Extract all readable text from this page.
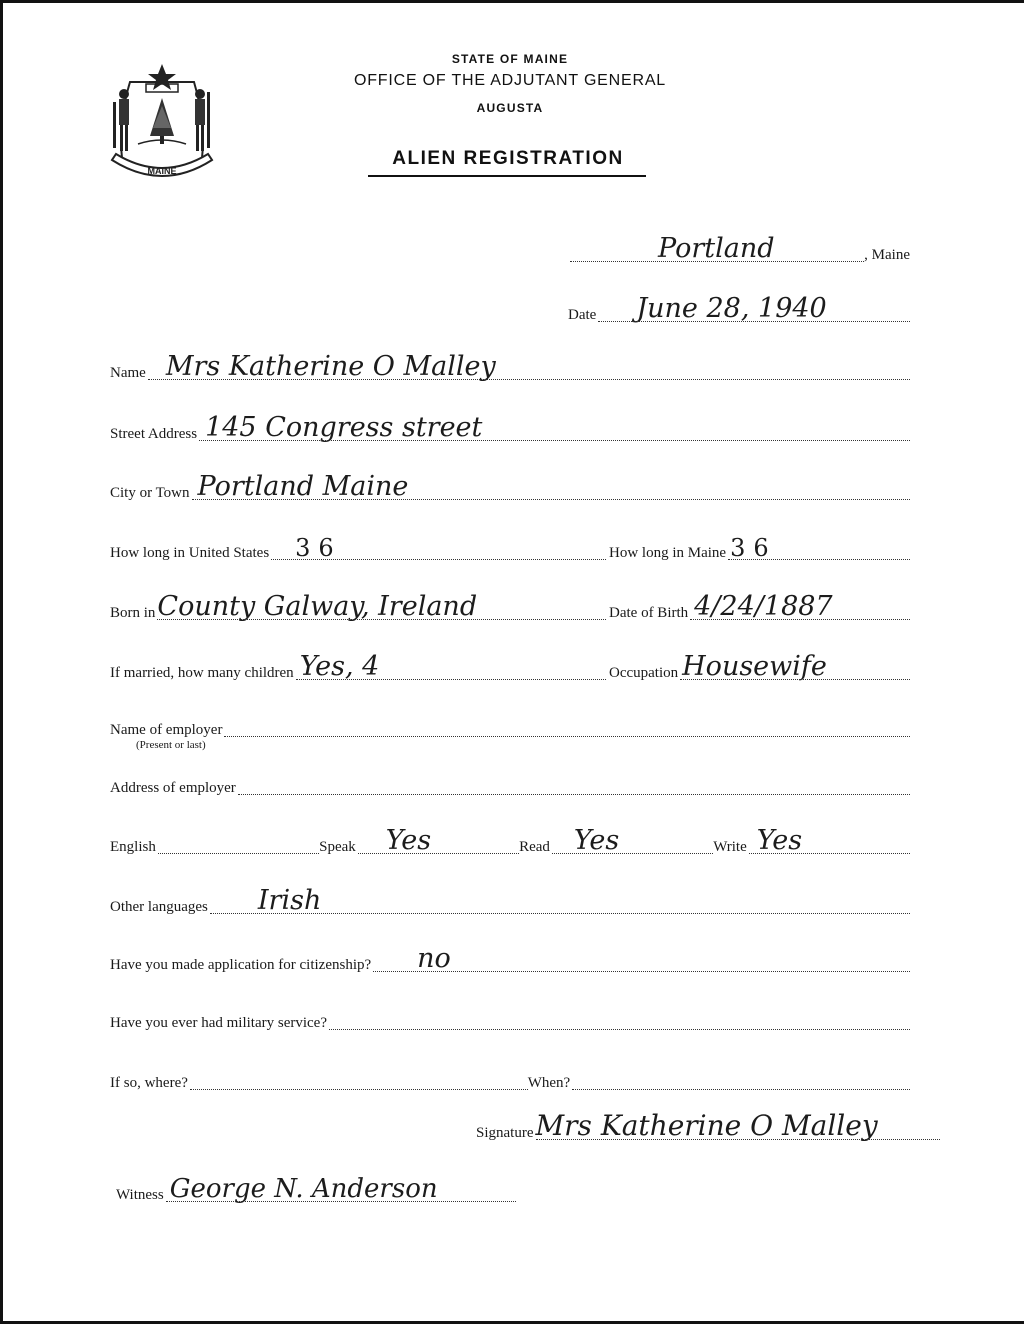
MAINE
STATE OF MAINE
OFFICE OF THE ADJUTANT GENERAL
AUGUSTA
ALIEN REGISTRATION
Portland	, Maine
Date June 28, 1940
Name Mrs Katherine O Malley
Street Address 145 Congress street
City or Town Portland Maine
How long in United States 36	How long in Maine 36
Born in County Galway, Ireland	Date of Birth 4/24/1887
If married, how many children Yes, 4	Occupation Housewife
Name of employer
(Present or last)
Address of employer
English	Speak Yes	Read Yes	Write Yes
Other languages Irish
Have you made application for citizenship? no
Have you ever had military service?
If so, where?	When?
Signature Mrs Katherine O Malley
Witness George N. Anderson
